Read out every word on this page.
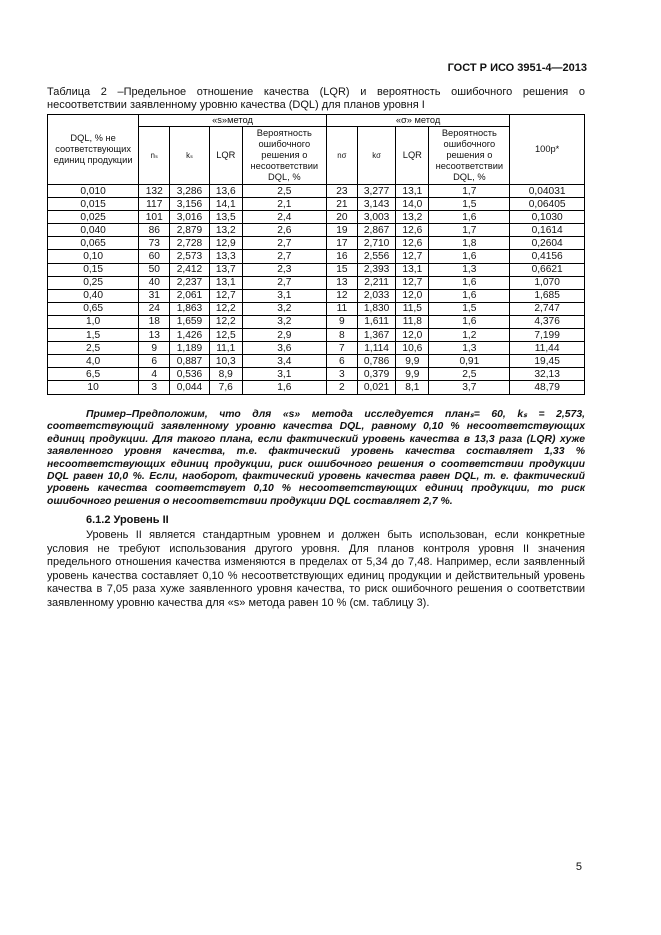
ГОСТ Р ИСО 3951-4—2013
Таблица 2 –Предельное отношение качества (LQR) и вероятность ошибочного решения о несоответствии заявленному уровню качества (DQL) для планов уровня I
DQL, % не соответствующих единиц продукции	«s»метод				«σ» метод				100p*
	nₛ	kₛ	LQR	Вероятность ошибочного решения о несоответствии DQL, %	nσ	kσ	LQR	Вероятность ошибочного решения о несоответствии DQL, %	
0,010	132	3,286	13,6	2,5	23	3,277	13,1	1,7	0,04031
0,015	117	3,156	14,1	2,1	21	3,143	14,0	1,5	0,06405
0,025	101	3,016	13,5	2,4	20	3,003	13,2	1,6	0,1030
0,040	86	2,879	13,2	2,6	19	2,867	12,6	1,7	0,1614
0,065	73	2,728	12,9	2,7	17	2,710	12,6	1,8	0,2604
0,10	60	2,573	13,3	2,7	16	2,556	12,7	1,6	0,4156
0,15	50	2,412	13,7	2,3	15	2,393	13,1	1,3	0,6621
0,25	40	2,237	13,1	2,7	13	2,211	12,7	1,6	1,070
0,40	31	2,061	12,7	3,1	12	2,033	12,0	1,6	1,685
0,65	24	1,863	12,2	3,2	11	1,830	11,5	1,5	2,747
1,0	18	1,659	12,2	3,2	9	1,611	11,8	1,6	4,376
1,5	13	1,426	12,5	2,9	8	1,367	12,0	1,2	7,199
2,5	9	1,189	11,1	3,6	7	1,114	10,6	1,3	11,44
4,0	6	0,887	10,3	3,4	6	0,786	9,9	0,91	19,45
6,5	4	0,536	8,9	3,1	3	0,379	9,9	2,5	32,13
10	3	0,044	7,6	1,6	2	0,021	8,1	3,7	48,79

Пример–Предположим, что для «s» метода исследуется планₛ= 60, kₛ = 2,573, соответствующий заявленному уровню качества DQL, равному 0,10 % несоответствующих единиц продукции. Для такого плана, если фактический уровень качества в 13,3 раза (LQR) хуже заявленного уровня качества, т.е. фактический уровень качества составляет 1,33 % несоответствующих единиц продукции, риск ошибочного решения о соответствии продукции DQL равен 10,0 %. Если, наоборот, фактический уровень качества равен DQL, т. е. фактический уровень качества соответствует 0,10 % несоответствующих единиц продукции, то риск ошибочного решения о несоответствии продукции DQL составляет 2,7 %.

6.1.2 Уровень II

Уровень II является стандартным уровнем и должен быть использован, если конкретные условия не требуют использования другого уровня. Для планов контроля уровня II значения предельного отношения качества изменяются в пределах от 5,34 до 7,48. Например, если заявленный уровень качества составляет 0,10 % несоответствующих единиц продукции и действительный уровень качества в 7,05 раза хуже заявленного уровня качества, то риск ошибочного решения о соответствии заявленному уровню качества для «s» метода равен 10 % (см. таблицу 3).

5
